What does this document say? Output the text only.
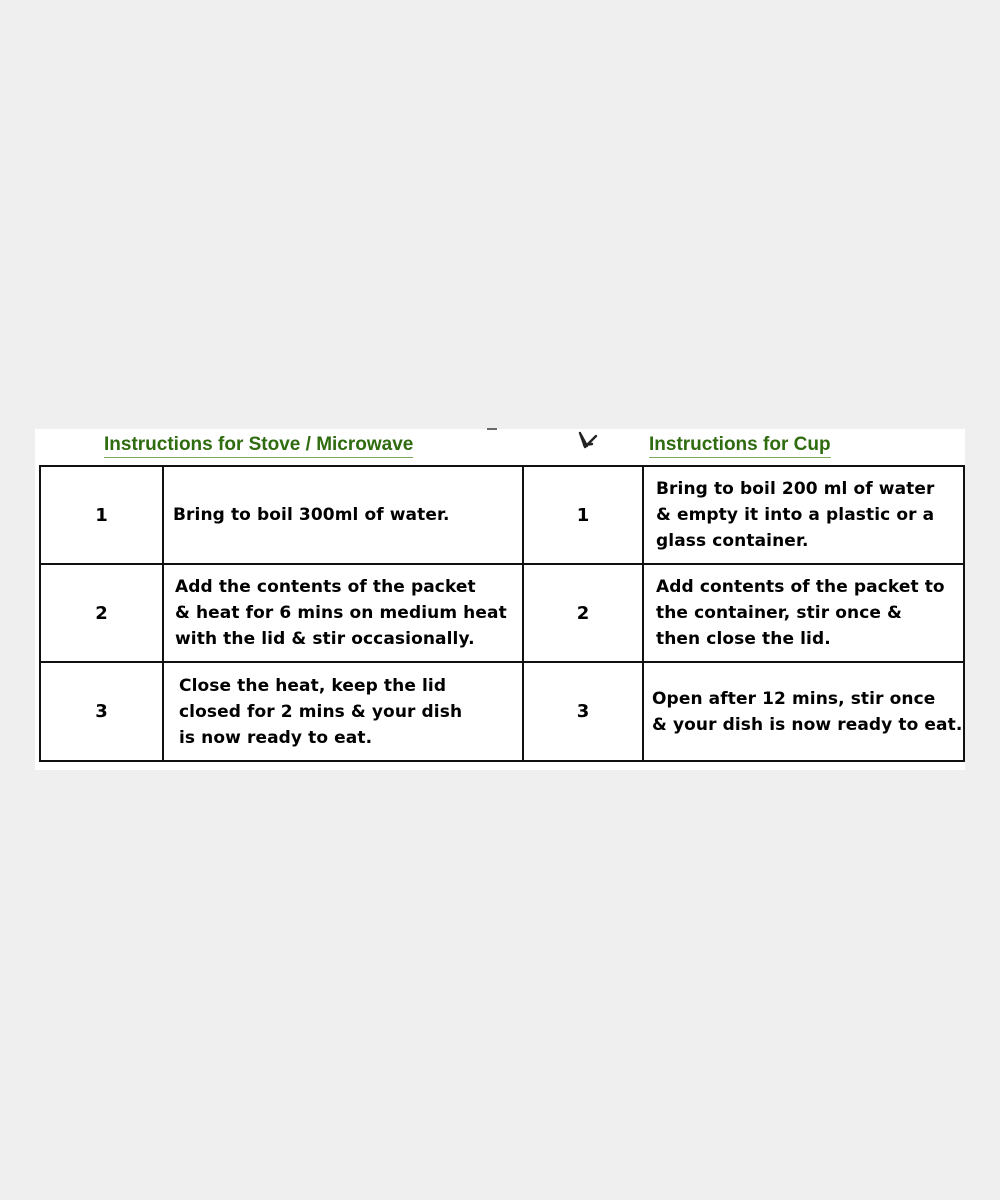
Instructions for Stove / Microwave	Instructions for Cup
1	Bring to boil 300ml of water.	1	Bring to boil 200 ml of water
& empty it into a plastic or a
glass container.
2	Add the contents of the packet
& heat for 6 mins on medium heat
with the lid & stir occasionally.	2	Add contents of the packet to
the container, stir once &
then close the lid.
3	Close the heat, keep the lid
closed for 2 mins & your dish
is now ready to eat.	3	Open after 12 mins, stir once
& your dish is now ready to eat.
